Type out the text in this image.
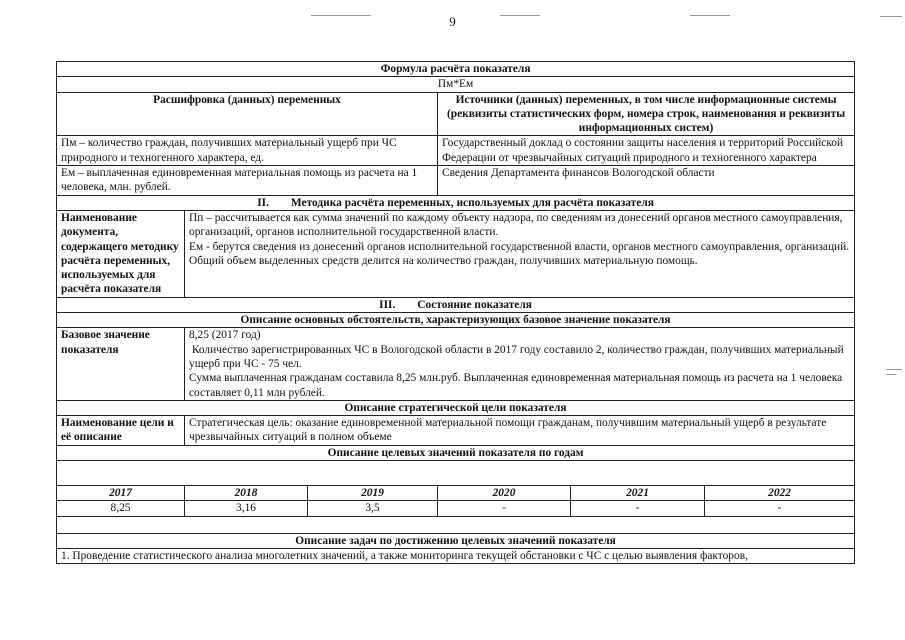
9
Формула расчёта показателя					
Пм*Ем					
Расшифровка (данных) переменных			Источники (данных) переменных, в том числе информационные системы (реквизиты статистических форм, номера строк, наименования и реквизиты информационных систем)		
Пм – количество граждан, получивших материальный ущерб при ЧС природного и техногенного характера, ед.			Государственный доклад о состоянии защиты населения и территорий Российской Федерации от чрезвычайных ситуаций природного и техногенного характера		
Ем – выплаченная единовременная материальная помощь из расчета на 1 человека, млн. рублей.			Сведения Департамента финансов Вологодской области		
II. Методика расчёта переменных, используемых для расчёта показателя					
Наименование документа, содержащего методику расчёта переменных, используемых для расчёта показателя	Пп – рассчитывается как сумма значений по каждому объекту надзора, по сведениям из донесений органов местного самоуправления, организаций, органов исполнительной государственной власти.

Ем - берутся сведения из донесений органов исполнительной государственной власти, органов местного самоуправления, организаций. Общий объем выделенных средств делится на количество граждан, получивших материальную помощь.				

III. Состояние показателя					
Описание основных обстоятельств, характеризующих базовое значение показателя					
Базовое значение показателя	8,25 (2017 год)

Количество зарегистрированных ЧС в Вологодской области в 2017 году составило 2, количество граждан, получивших материальный ущерб при ЧС - 75 чел.

Сумма выплаченная гражданам составила 8,25 млн.руб. Выплаченная единовременная материальная помощь из расчета на 1 человека составляет 0,11 млн рублей.				

Описание стратегической цели показателя					
Наименование цели и её описание	Стратегическая цель: оказание единовременной материальной помощи гражданам, получившим материальный ущерб в результате чрезвычайных ситуаций в полном объеме				
Описание целевых значений показателя по годам					

2017	2018	2019	2020	2021	2022
8,25	3,16	3,5	-	-	-

Описание задач по достижению целевых значений показателя					
1. Проведение статистического анализа многолетних значений, а также мониторинга текущей обстановки с ЧС с целью выявления факторов,					
